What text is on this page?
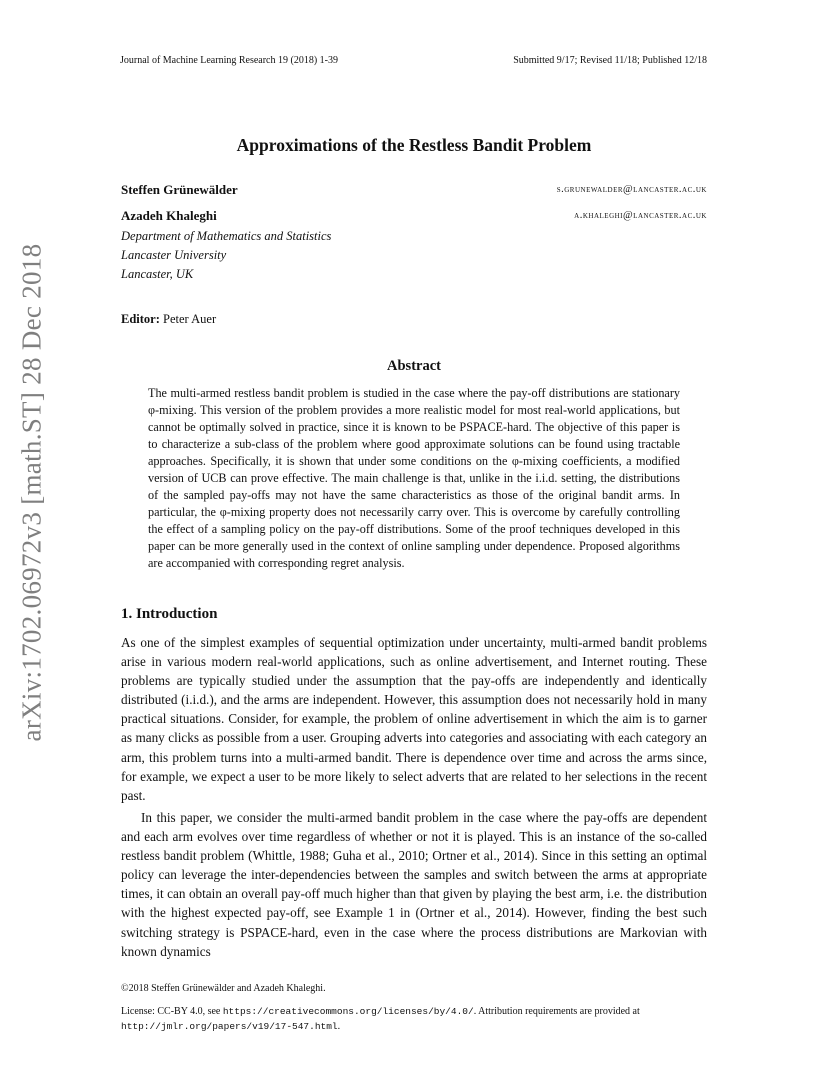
Journal of Machine Learning Research 19 (2018) 1-39	Submitted 9/17; Revised 11/18; Published 12/18
arXiv:1702.06972v3 [math.ST] 28 Dec 2018
Approximations of the Restless Bandit Problem
Steffen Grünewälder	s.grunewalder@lancaster.ac.uk
Azadeh Khaleghi	a.khaleghi@lancaster.ac.uk
Department of Mathematics and Statistics
Lancaster University
Lancaster, UK
Editor: Peter Auer
Abstract
The multi-armed restless bandit problem is studied in the case where the pay-off distributions are stationary φ-mixing. This version of the problem provides a more realistic model for most real-world applications, but cannot be optimally solved in practice, since it is known to be PSPACE-hard. The objective of this paper is to characterize a sub-class of the problem where good approximate solutions can be found using tractable approaches. Specifically, it is shown that under some conditions on the φ-mixing coefficients, a modified version of UCB can prove effective. The main challenge is that, unlike in the i.i.d. setting, the distributions of the sampled pay-offs may not have the same characteristics as those of the original bandit arms. In particular, the φ-mixing property does not necessarily carry over. This is overcome by carefully controlling the effect of a sampling policy on the pay-off distributions. Some of the proof techniques developed in this paper can be more generally used in the context of online sampling under dependence. Proposed algorithms are accompanied with corresponding regret analysis.
1. Introduction
As one of the simplest examples of sequential optimization under uncertainty, multi-armed bandit problems arise in various modern real-world applications, such as online advertisement, and Internet routing. These problems are typically studied under the assumption that the pay-offs are independently and identically distributed (i.i.d.), and the arms are independent. However, this assumption does not necessarily hold in many practical situations. Consider, for example, the problem of online advertisement in which the aim is to garner as many clicks as possible from a user. Grouping adverts into categories and associating with each category an arm, this problem turns into a multi-armed bandit. There is dependence over time and across the arms since, for example, we expect a user to be more likely to select adverts that are related to her selections in the recent past.
In this paper, we consider the multi-armed bandit problem in the case where the pay-offs are dependent and each arm evolves over time regardless of whether or not it is played. This is an instance of the so-called restless bandit problem (Whittle, 1988; Guha et al., 2010; Ortner et al., 2014). Since in this setting an optimal policy can leverage the inter-dependencies between the samples and switch between the arms at appropriate times, it can obtain an overall pay-off much higher than that given by playing the best arm, i.e. the distribution with the highest expected pay-off, see Example 1 in (Ortner et al., 2014). However, finding the best such switching strategy is PSPACE-hard, even in the case where the process distributions are Markovian with known dynamics
©2018 Steffen Grünewälder and Azadeh Khaleghi.
License: CC-BY 4.0, see https://creativecommons.org/licenses/by/4.0/. Attribution requirements are provided at
http://jmlr.org/papers/v19/17-547.html.
